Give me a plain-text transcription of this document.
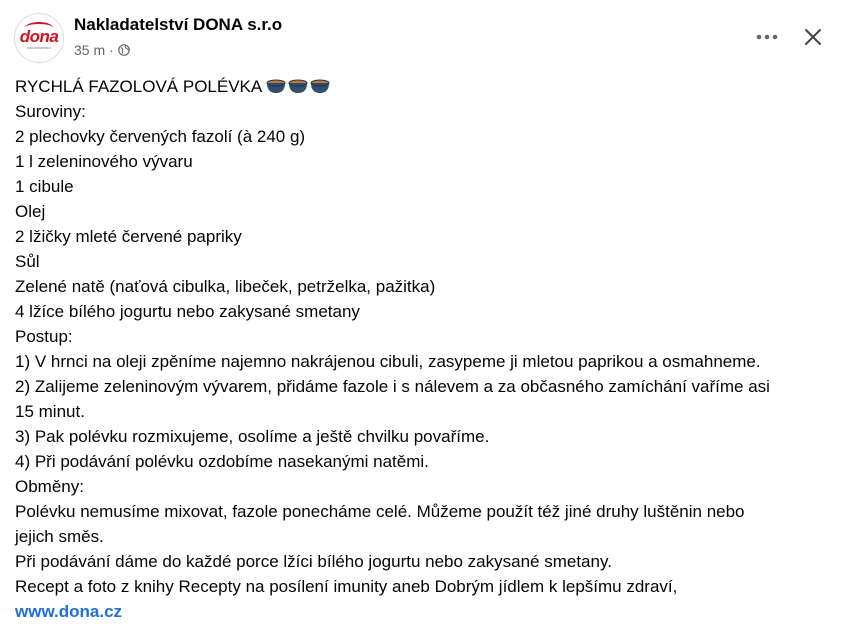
dona
nakladatelství
Nakladatelství DONA s.r.o
35 m ·
RYCHLÁ FAZOLOVÁ POLÉVKA
Suroviny:
2 plechovky červených fazolí (à 240 g)
1 l zeleninového vývaru
1 cibule
Olej
2 lžičky mleté červené papriky
Sůl
Zelené natě (naťová cibulka, libeček, petrželka, pažitka)
4 lžíce bílého jogurtu nebo zakysané smetany
Postup:
1) V hrnci na oleji zpěníme najemno nakrájenou cibuli, zasypeme ji mletou paprikou a osmahneme.
2) Zalijeme zeleninovým vývarem, přidáme fazole i s nálevem a za občasného zamíchání vaříme asi
15 minut.
3) Pak polévku rozmixujeme, osolíme a ještě chvilku povaříme.
4) Při podávání polévku ozdobíme nasekanými natěmi.
Obměny:
Polévku nemusíme mixovat, fazole ponecháme celé. Můžeme použít též jiné druhy luštěnin nebo
jejich směs.
Při podávání dáme do každé porce lžíci bílého jogurtu nebo zakysané smetany.
Recept a foto z knihy Recepty na posílení imunity aneb Dobrým jídlem k lepšímu zdraví,
www.dona.cz
